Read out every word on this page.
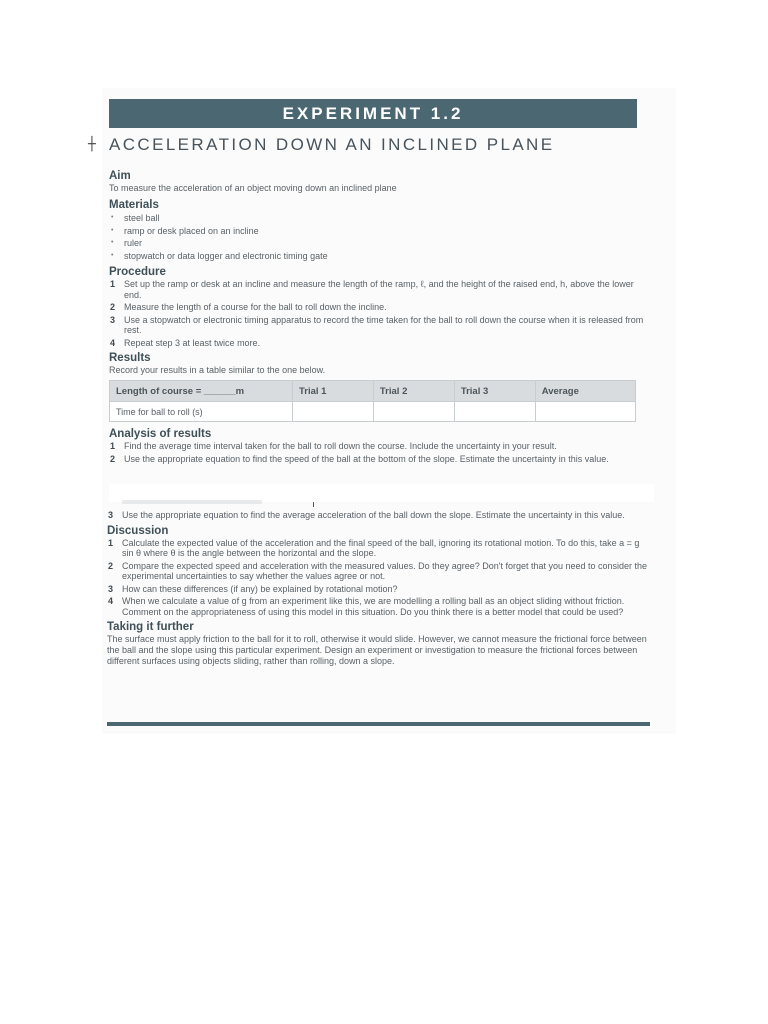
EXPERIMENT 1.2
┼ ACCELERATION DOWN AN INCLINED PLANE
Aim

To measure the acceleration of an object moving down an inclined plane

Materials
• steel ball
• ramp or desk placed on an incline
• ruler
• stopwatch or data logger and electronic timing gate
Procedure
1 Set up the ramp or desk at an incline and measure the length of the ramp, ℓ, and the height of the raised end, h, above the lower end.
2 Measure the length of a course for the ball to roll down the incline.
3 Use a stopwatch or electronic timing apparatus to record the time taken for the ball to roll down the course when it is released from rest.
4 Repeat step 3 at least twice more.
Results

Record your results in a table similar to the one below.

Length of course = ______m	Trial 1	Trial 2	Trial 3	Average
Time for ball to roll (s)				
Analysis of results
1 Find the average time interval taken for the ball to roll down the course. Include the uncertainty in your result.
2 Use the appropriate equation to find the speed of the ball at the bottom of the slope. Estimate the uncertainty in this value.
3 Use the appropriate equation to find the average acceleration of the ball down the slope. Estimate the uncertainty in this value.
Discussion
1 Calculate the expected value of the acceleration and the final speed of the ball, ignoring its rotational motion. To do this, take a = g sin θ where θ is the angle between the horizontal and the slope.
2 Compare the expected speed and acceleration with the measured values. Do they agree? Don't forget that you need to consider the experimental uncertainties to say whether the values agree or not.
3 How can these differences (if any) be explained by rotational motion?
4 When we calculate a value of g from an experiment like this, we are modelling a rolling ball as an object sliding without friction. Comment on the appropriateness of using this model in this situation. Do you think there is a better model that could be used?
Taking it further

The surface must apply friction to the ball for it to roll, otherwise it would slide. However, we cannot measure the frictional force between the ball and the slope using this particular experiment. Design an experiment or investigation to measure the frictional forces between different surfaces using objects sliding, rather than rolling, down a slope.
